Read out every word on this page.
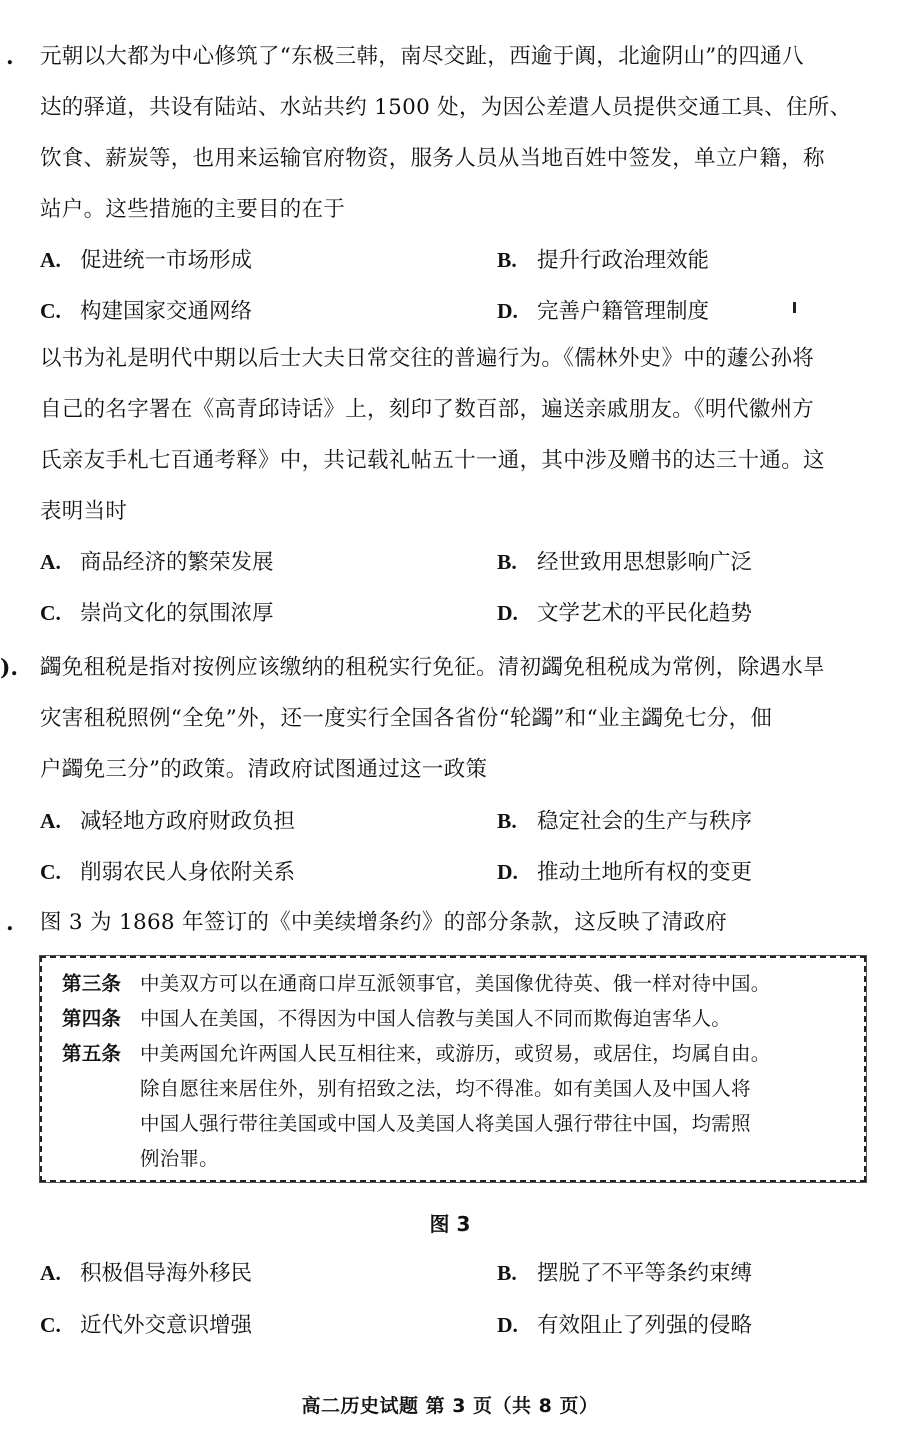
. 元朝以大都为中心修筑了“东极三韩，南尽交趾，西逾于阗，北逾阴山”的四通八
达的驿道，共设有陆站、水站共约 1500 处，为因公差遣人员提供交通工具、住所、
饮食、薪炭等，也用来运输官府物资，服务人员从当地百姓中签发，单立户籍，称
站户。这些措施的主要目的在于
A. 促进统一市场形成	B. 提升行政治理效能
C. 构建国家交通网络	D. 完善户籍管理制度
以书为礼是明代中期以后士大夫日常交往的普遍行为。《儒林外史》中的蘧公孙将
自己的名字署在《高青邱诗话》上，刻印了数百部，遍送亲戚朋友。《明代徽州方
氏亲友手札七百通考释》中，共记载礼帖五十一通，其中涉及赠书的达三十通。这
表明当时
A. 商品经济的繁荣发展	B. 经世致用思想影响广泛
C. 崇尚文化的氛围浓厚	D. 文学艺术的平民化趋势
). 蠲免租税是指对按例应该缴纳的租税实行免征。清初蠲免租税成为常例，除遇水旱
灾害租税照例“全免”外，还一度实行全国各省份“轮蠲”和“业主蠲免七分，佃
户蠲免三分”的政策。清政府试图通过这一政策
A. 减轻地方政府财政负担	B. 稳定社会的生产与秩序
C. 削弱农民人身依附关系	D. 推动土地所有权的变更
. 图 3 为 1868 年签订的《中美续增条约》的部分条款，这反映了清政府
第三条 中美双方可以在通商口岸互派领事官，美国像优待英、俄一样对待中国。
第四条 中国人在美国，不得因为中国人信教与美国人不同而欺侮迫害华人。
第五条 中美两国允许两国人民互相往来，或游历，或贸易，或居住，均属自由。
除自愿往来居住外，别有招致之法，均不得准。如有美国人及中国人将
中国人强行带往美国或中国人及美国人将美国人强行带往中国，均需照
例治罪。
图 3
A. 积极倡导海外移民	B. 摆脱了不平等条约束缚
C. 近代外交意识增强	D. 有效阻止了列强的侵略
高二历史试题 第 3 页（共 8 页）
